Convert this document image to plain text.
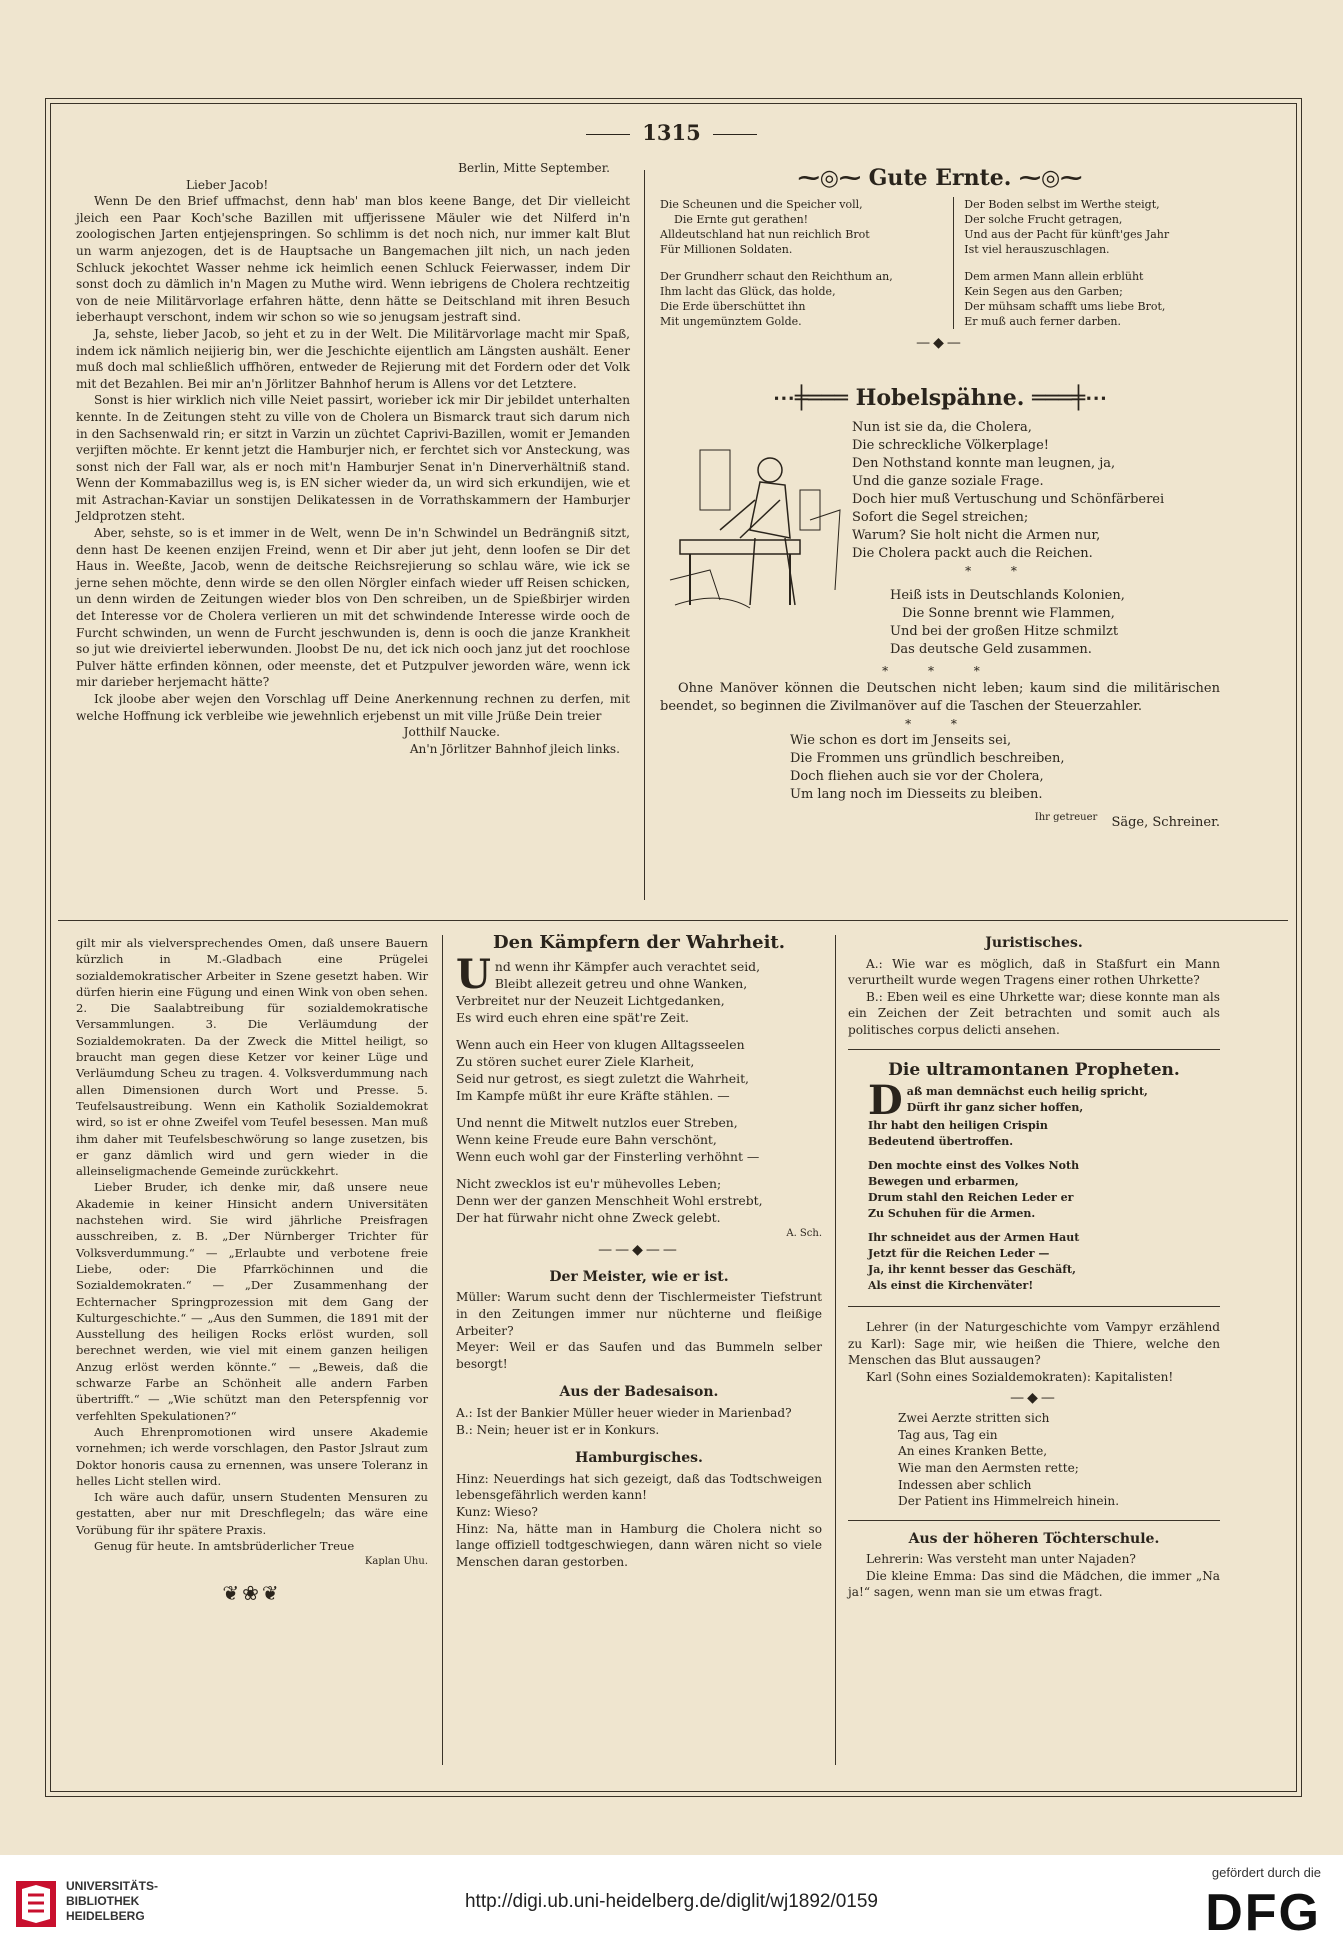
1315
Berlin, Mitte September.
Lieber Jacob!

Wenn De den Brief uffmachst, denn hab' man blos keene Bange, det Dir vielleicht jleich een Paar Koch'sche Bazillen mit uffjerissene Mäuler wie det Nilferd in'n zoologischen Jarten entjejenspringen. So schlimm is det noch nich, nur immer kalt Blut un warm anjezogen, det is de Hauptsache un Bangemachen jilt nich, un nach jeden Schluck jekochtet Wasser nehme ick heimlich eenen Schluck Feierwasser, indem Dir sonst doch zu dämlich in'n Magen zu Muthe wird. Wenn iebrigens de Cholera rechtzeitig von de neie Militärvorlage erfahren hätte, denn hätte se Deitschland mit ihren Besuch ieberhaupt verschont, indem wir schon so wie so jenugsam jestraft sind.

Ja, sehste, lieber Jacob, so jeht et zu in der Welt. Die Militärvorlage macht mir Spaß, indem ick nämlich neijierig bin, wer die Jeschichte eijentlich am Längsten aushält. Eener muß doch mal schließlich uffhören, entweder de Rejierung mit det Fordern oder det Volk mit det Bezahlen. Bei mir an'n Jörlitzer Bahnhof herum is Allens vor det Letztere.

Sonst is hier wirklich nich ville Neiet passirt, worieber ick mir Dir jebildet unterhalten kennte. In de Zeitungen steht zu ville von de Cholera un Bismarck traut sich darum nich in den Sachsenwald rin; er sitzt in Varzin un züchtet Caprivi-Bazillen, womit er Jemanden verjiften möchte. Er kennt jetzt die Hamburjer nich, er ferchtet sich vor Ansteckung, was sonst nich der Fall war, als er noch mit'n Hamburjer Senat in'n Dinerverhältniß stand. Wenn der Kommabazillus weg is, is EN sicher wieder da, un wird sich erkundijen, wie et mit Astrachan-Kaviar un sonstijen Delikatessen in de Vorrathskammern der Hamburjer Jeldprotzen steht.

Aber, sehste, so is et immer in de Welt, wenn De in'n Schwindel un Bedrängniß sitzt, denn hast De keenen enzijen Freind, wenn et Dir aber jut jeht, denn loofen se Dir det Haus in. Weeßte, Jacob, wenn de deitsche Reichsrejierung so schlau wäre, wie ick se jerne sehen möchte, denn wirde se den ollen Nörgler einfach wieder uff Reisen schicken, un denn wirden de Zeitungen wieder blos von Den schreiben, un de Spießbirjer wirden det Interesse vor de Cholera verlieren un mit det schwindende Interesse wirde ooch de Furcht schwinden, un wenn de Furcht jeschwunden is, denn is ooch die janze Krankheit so jut wie dreiviertel ieberwunden. Jloobst De nu, det ick nich ooch janz jut det roochlose Pulver hätte erfinden können, oder meenste, det et Putzpulver jeworden wäre, wenn ick mir darieber herjemacht hätte?

Ick jloobe aber wejen den Vorschlag uff Deine Anerkennung rechnen zu derfen, mit welche Hoffnung ick verbleibe wie jewehnlich erjebenst un mit ville Jrüße Dein treier

Jotthilf Naucke.
An'n Jörlitzer Bahnhof jleich links.
⁓◎⁓ Gute Ernte. ⁓◎⁓
Die Scheunen und die Speicher voll,
Die Ernte gut gerathen!
Alldeutschland hat nun reichlich Brot
Für Millionen Soldaten.
Der Grundherr schaut den Reichthum an,
Ihm lacht das Glück, das holde,
Die Erde überschüttet ihn
Mit ungemünztem Golde.
Der Boden selbst im Werthe steigt,
Der solche Frucht getragen,
Und aus der Pacht für künft'ges Jahr
Ist viel herauszuschlagen.
Dem armen Mann allein erblüht
Kein Segen aus den Garben;
Der mühsam schafft ums liebe Brot,
Er muß auch ferner darben.
—◆—
⋯╪═══ Hobelspähne. ═══╪⋯
Nun ist sie da, die Cholera,
Die schreckliche Völkerplage!
Den Nothstand konnte man leugnen, ja,
Und die ganze soziale Frage.
Doch hier muß Vertuschung und Schönfärberei
Sofort die Segel streichen;
Warum? Sie holt nicht die Armen nur,
Die Cholera packt auch die Reichen.
* *
Heiß ists in Deutschlands Kolonien,
Die Sonne brennt wie Flammen,
Und bei der großen Hitze schmilzt
Das deutsche Geld zusammen.
* * *

Ohne Manöver können die Deutschen nicht leben; kaum sind die militärischen beendet, so beginnen die Zivilmanöver auf die Taschen der Steuerzahler.

* *
Wie schon es dort im Jenseits sei,
Die Frommen uns gründlich beschreiben,
Doch fliehen auch sie vor der Cholera,
Um lang noch im Diesseits zu bleiben.
$^{Ihr getreuer}$ Säge, Schreiner.

gilt mir als vielversprechendes Omen, daß unsere Bauern kürzlich in M.-Gladbach eine Prügelei sozialdemokratischer Arbeiter in Szene gesetzt haben. Wir dürfen hierin eine Fügung und einen Wink von oben sehen. 2. Die Saalabtreibung für sozialdemokratische Versammlungen. 3. Die Verläumdung der Sozialdemokraten. Da der Zweck die Mittel heiligt, so braucht man gegen diese Ketzer vor keiner Lüge und Verläumdung Scheu zu tragen. 4. Volksverdummung nach allen Dimensionen durch Wort und Presse. 5. Teufelsaustreibung. Wenn ein Katholik Sozialdemokrat wird, so ist er ohne Zweifel vom Teufel besessen. Man muß ihm daher mit Teufelsbeschwörung so lange zusetzen, bis er ganz dämlich wird und gern wieder in die alleinseligmachende Gemeinde zurückkehrt.

Lieber Bruder, ich denke mir, daß unsere neue Akademie in keiner Hinsicht andern Universitäten nachstehen wird. Sie wird jährliche Preisfragen ausschreiben, z. B. „Der Nürnberger Trichter für Volksverdummung.“ — „Erlaubte und verbotene freie Liebe, oder: Die Pfarrköchinnen und die Sozialdemokraten.“ — „Der Zusammenhang der Echternacher Springprozession mit dem Gang der Kulturgeschichte.“ — „Aus den Summen, die 1891 mit der Ausstellung des heiligen Rocks erlöst wurden, soll berechnet werden, wie viel mit einem ganzen heiligen Anzug erlöst werden könnte.“ — „Beweis, daß die schwarze Farbe an Schönheit alle andern Farben übertrifft.“ — „Wie schützt man den Peterspfennig vor verfehlten Spekulationen?“

Auch Ehrenpromotionen wird unsere Akademie vornehmen; ich werde vorschlagen, den Pastor Jslraut zum Doktor honoris causa zu ernennen, was unsere Toleranz in helles Licht stellen wird.

Ich wäre auch dafür, unsern Studenten Mensuren zu gestatten, aber nur mit Dreschflegeln; das wäre eine Vorübung für ihr spätere Praxis.

Genug für heute. In amtsbrüderlicher Treue

Kaplan Uhu.
❦❀❦
Den Kämpfern der Wahrheit.
U nd wenn ihr Kämpfer auch verachtet seid,
Bleibt allezeit getreu und ohne Wanken,
Verbreitet nur der Neuzeit Lichtgedanken,
Es wird euch ehren eine spät're Zeit.
Wenn auch ein Heer von klugen Alltagsseelen
Zu stören suchet eurer Ziele Klarheit,
Seid nur getrost, es siegt zuletzt die Wahrheit,
Im Kampfe müßt ihr eure Kräfte stählen. —
Und nennt die Mitwelt nutzlos euer Streben,
Wenn keine Freude eure Bahn verschönt,
Wenn euch wohl gar der Finsterling verhöhnt —
Nicht zwecklos ist eu'r mühevolles Leben;
Denn wer der ganzen Menschheit Wohl erstrebt,
Der hat fürwahr nicht ohne Zweck gelebt.
A. Sch.
——◆——
Der Meister, wie er ist.

Müller: Warum sucht denn der Tischlermeister Tiefstrunt in den Zeitungen immer nur nüchterne und fleißige Arbeiter?

Meyer: Weil er das Saufen und das Bummeln selber besorgt!

Aus der Badesaison.

A.: Ist der Bankier Müller heuer wieder in Marienbad?

B.: Nein; heuer ist er in Konkurs.

Hamburgisches.

Hinz: Neuerdings hat sich gezeigt, daß das Todtschweigen lebensgefährlich werden kann!

Kunz: Wieso?

Hinz: Na, hätte man in Hamburg die Cholera nicht so lange offiziell todtgeschwiegen, dann wären nicht so viele Menschen daran gestorben.

Juristisches.

A.: Wie war es möglich, daß in Staßfurt ein Mann verurtheilt wurde wegen Tragens einer rothen Uhrkette?

B.: Eben weil es eine Uhrkette war; diese konnte man als ein Zeichen der Zeit betrachten und somit auch als politisches corpus delicti ansehen.

Die ultramontanen Propheten.
D aß man demnächst euch heilig spricht,
Dürft ihr ganz sicher hoffen,
Ihr habt den heiligen Crispin
Bedeutend übertroffen.
Den mochte einst des Volkes Noth
Bewegen und erbarmen,
Drum stahl den Reichen Leder er
Zu Schuhen für die Armen.
Ihr schneidet aus der Armen Haut
Jetzt für die Reichen Leder —
Ja, ihr kennt besser das Geschäft,
Als einst die Kirchenväter!

Lehrer (in der Naturgeschichte vom Vampyr erzählend zu Karl): Sage mir, wie heißen die Thiere, welche den Menschen das Blut aussaugen?

Karl (Sohn eines Sozialdemokraten): Kapitalisten!

—◆—
Zwei Aerzte stritten sich
Tag aus, Tag ein
An eines Kranken Bette,
Wie man den Aermsten rette;
Indessen aber schlich
Der Patient ins Himmelreich hinein.
Aus der höheren Töchterschule.

Lehrerin: Was versteht man unter Najaden?

Die kleine Emma: Das sind die Mädchen, die immer „Na ja!“ sagen, wenn man sie um etwas fragt.

UNIVERSITÄTS-
BIBLIOTHEK
HEIDELBERG
http://digi.ub.uni-heidelberg.de/diglit/wj1892/0159
gefördert durch die
DFG
